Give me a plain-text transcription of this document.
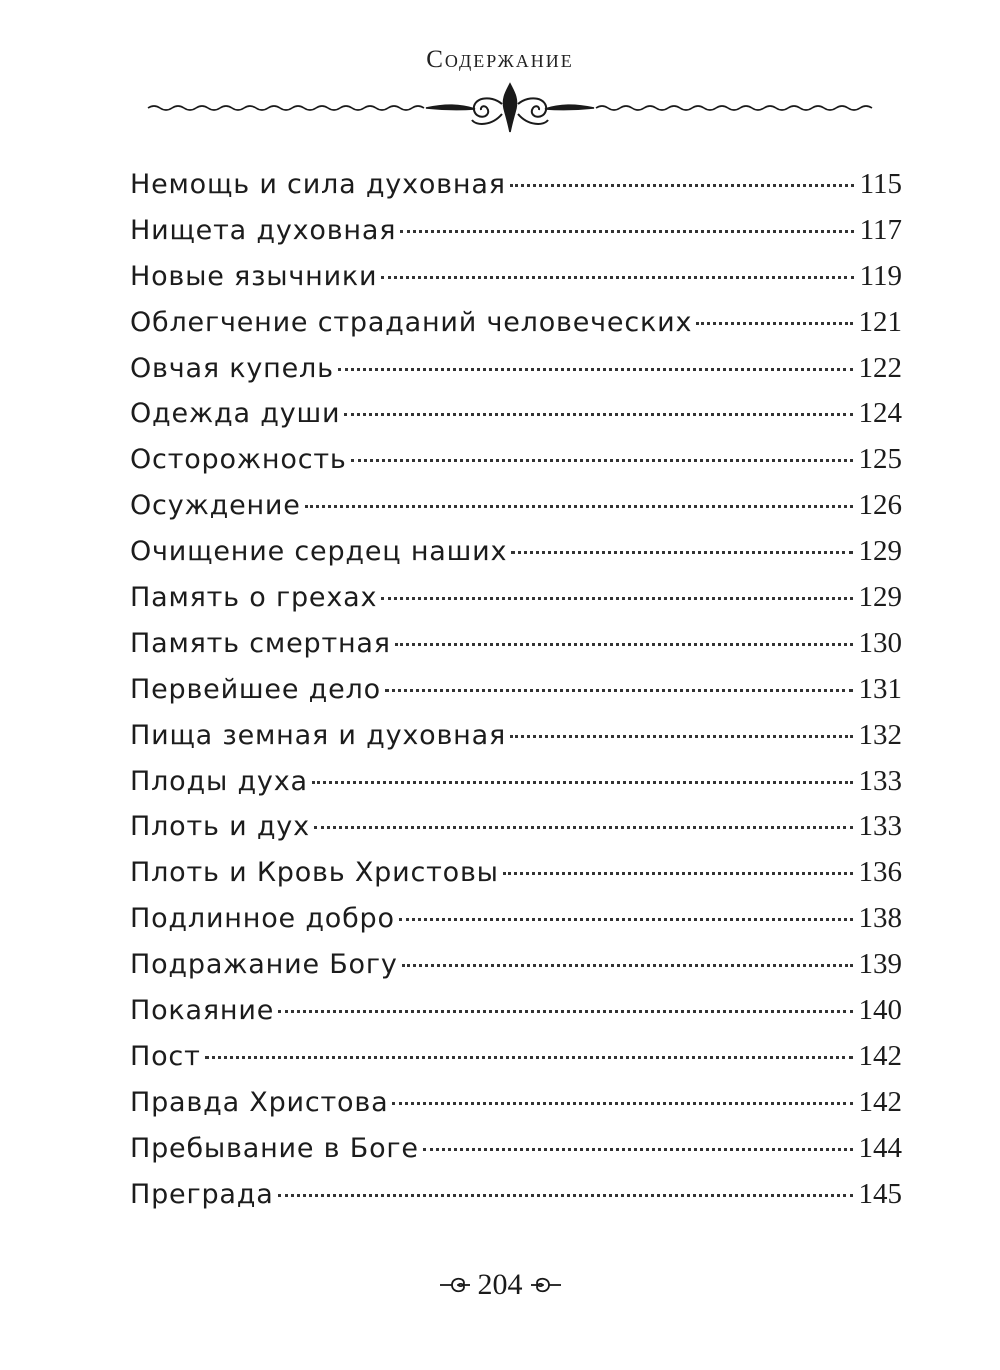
Содержание
Немощь и сила духовная	115
Нищета духовная	117
Новые язычники	119
Облегчение страданий человеческих	121
Овчая купель	122
Одежда души	124
Осторожность	125
Осуждение	126
Очищение сердец наших	129
Память о грехах	129
Память смертная	130
Первейшее дело	131
Пища земная и духовная	132
Плоды духа	133
Плоть и дух	133
Плоть и Кровь Христовы	136
Подлинное добро	138
Подражание Богу	139
Покаяние	140
Пост	142
Правда Христова	142
Пребывание в Боге	144
Преграда	145
204
